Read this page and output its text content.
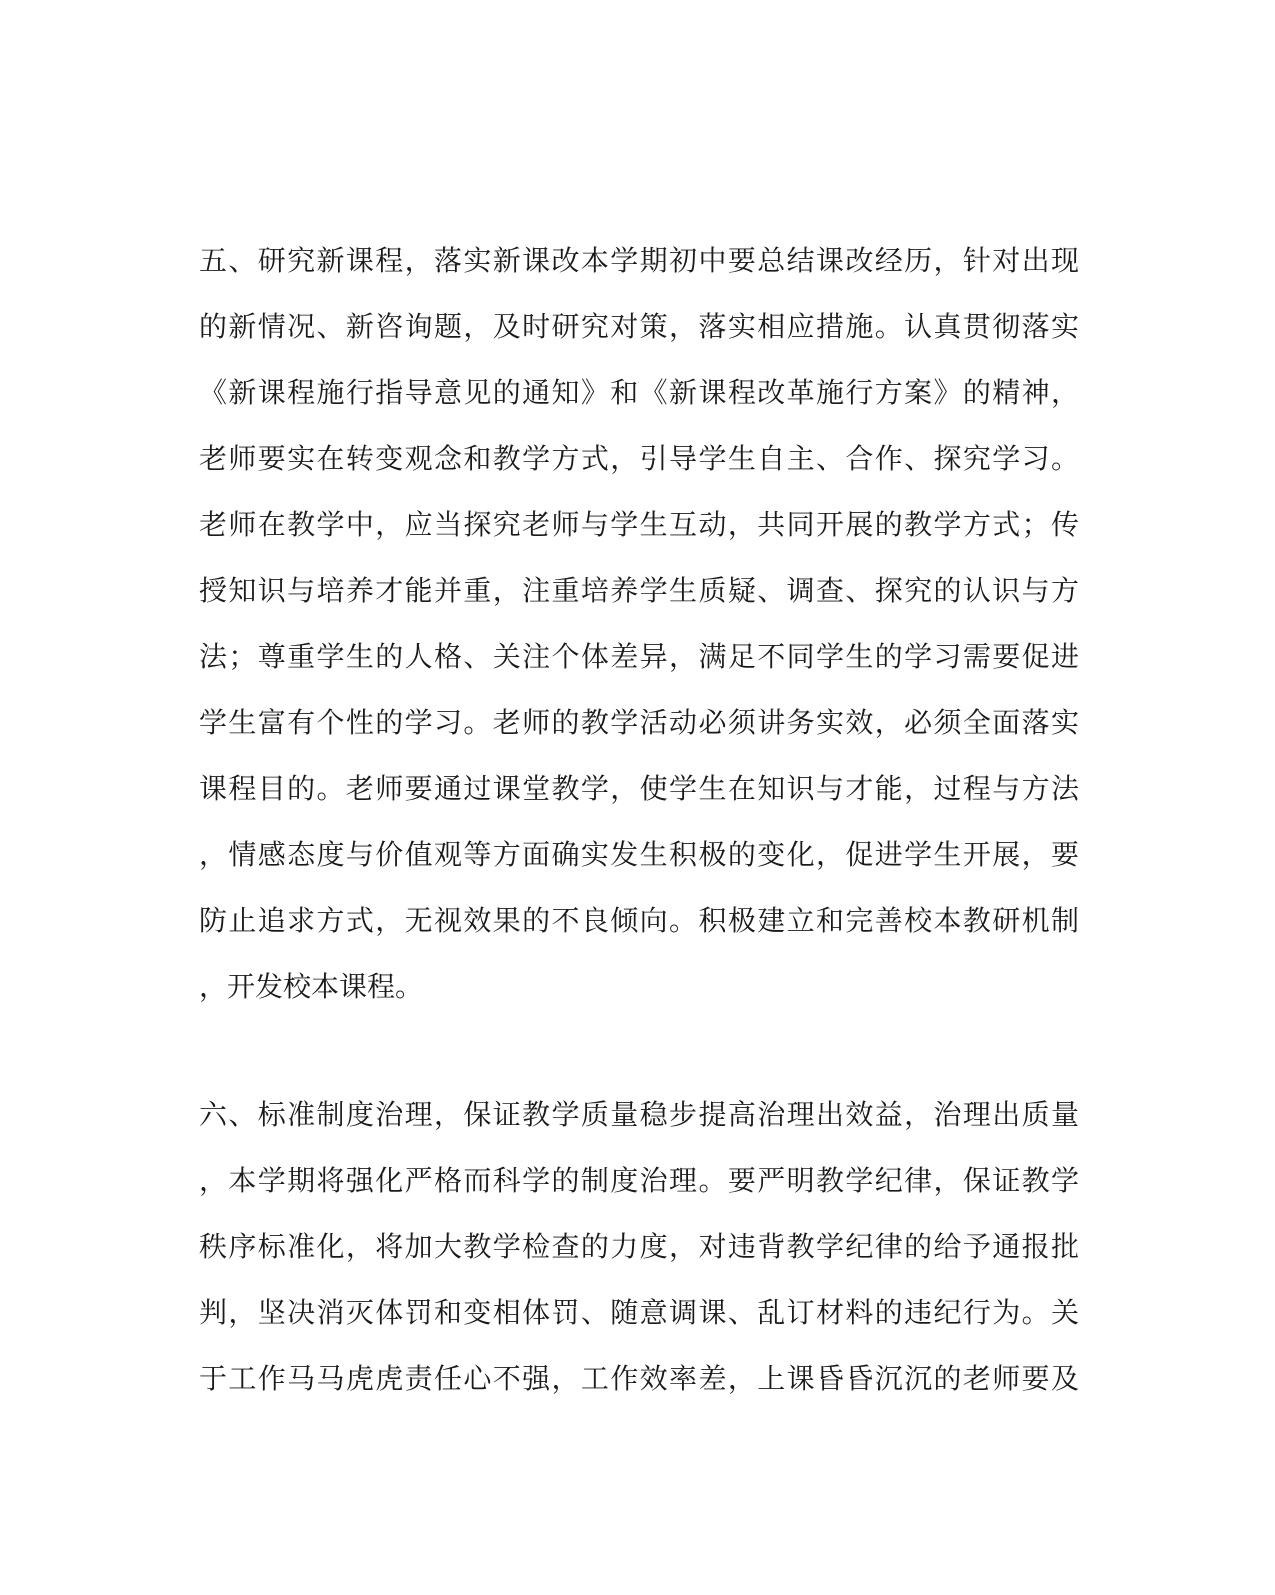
五、研究新课程，落实新课改本学期初中要总结课改经历，针对出现
的新情况、新咨询题，及时研究对策，落实相应措施。认真贯彻落实
《新课程施行指导意见的通知》和《新课程改革施行方案》的精神，
老师要实在转变观念和教学方式，引导学生自主、合作、探究学习。
老师在教学中，应当探究老师与学生互动，共同开展的教学方式；传
授知识与培养才能并重，注重培养学生质疑、调查、探究的认识与方
法；尊重学生的人格、关注个体差异，满足不同学生的学习需要促进
学生富有个性的学习。老师的教学活动必须讲务实效，必须全面落实
课程目的。老师要通过课堂教学，使学生在知识与才能，过程与方法
，情感态度与价值观等方面确实发生积极的变化，促进学生开展，要
防止追求方式，无视效果的不良倾向。积极建立和完善校本教研机制
，开发校本课程。
六、标准制度治理，保证教学质量稳步提高治理出效益，治理出质量
，本学期将强化严格而科学的制度治理。要严明教学纪律，保证教学
秩序标准化，将加大教学检查的力度，对违背教学纪律的给予通报批
判，坚决消灭体罚和变相体罚、随意调课、乱订材料的违纪行为。关
于工作马马虎虎责任心不强，工作效率差，上课昏昏沉沉的老师要及
